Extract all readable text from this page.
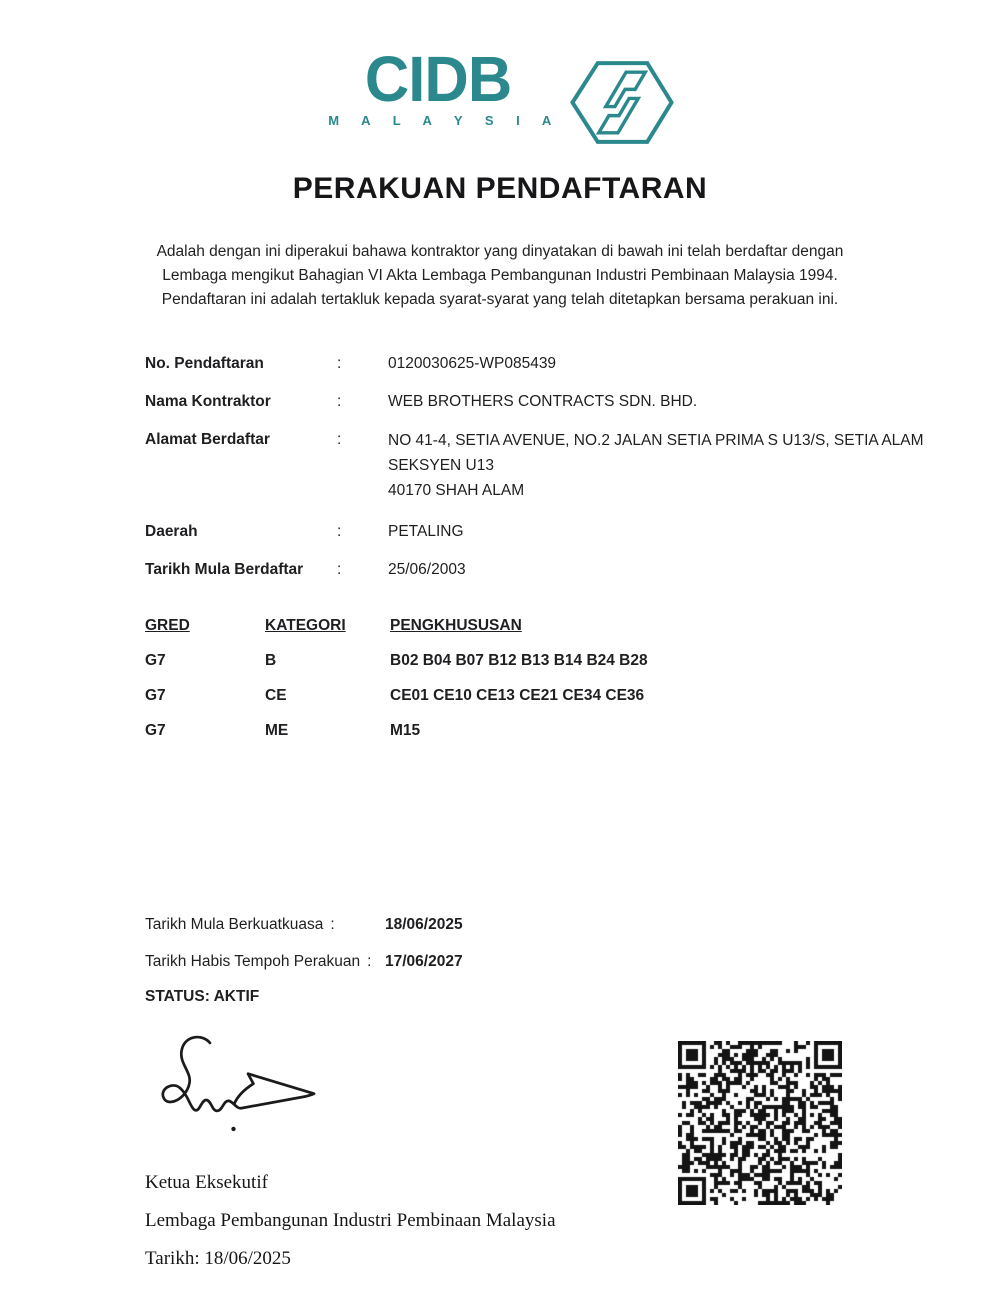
CIDB
M A L A Y S I A
PERAKUAN PENDAFTARAN
Adalah dengan ini diperakui bahawa kontraktor yang dinyatakan di bawah ini telah berdaftar dengan
Lembaga mengikut Bahagian VI Akta Lembaga Pembangunan Industri Pembinaan Malaysia 1994.
Pendaftaran ini adalah tertakluk kepada syarat-syarat yang telah ditetapkan bersama perakuan ini.
No. Pendaftaran	:	0120030625-WP085439
Nama Kontraktor	:	WEB BROTHERS CONTRACTS SDN. BHD.
Alamat Berdaftar	:	NO 41-4, SETIA AVENUE, NO.2 JALAN SETIA PRIMA S U13/S, SETIA ALAM
SEKSYEN U13
40170 SHAH ALAM
Daerah	:	PETALING
Tarikh Mula Berdaftar	:	25/06/2003
GRED	KATEGORI	PENGKHUSUSAN
G7	B	B02 B04 B07 B12 B13 B14 B24 B28
G7	CE	CE01 CE10 CE13 CE21 CE34 CE36
G7	ME	M15
Tarikh Mula Berkuatkuasa :	18/06/2025
Tarikh Habis Tempoh Perakuan : 17/06/2027
STATUS: AKTIF
Ketua Eksekutif
Lembaga Pembangunan Industri Pembinaan Malaysia
Tarikh: 18/06/2025
